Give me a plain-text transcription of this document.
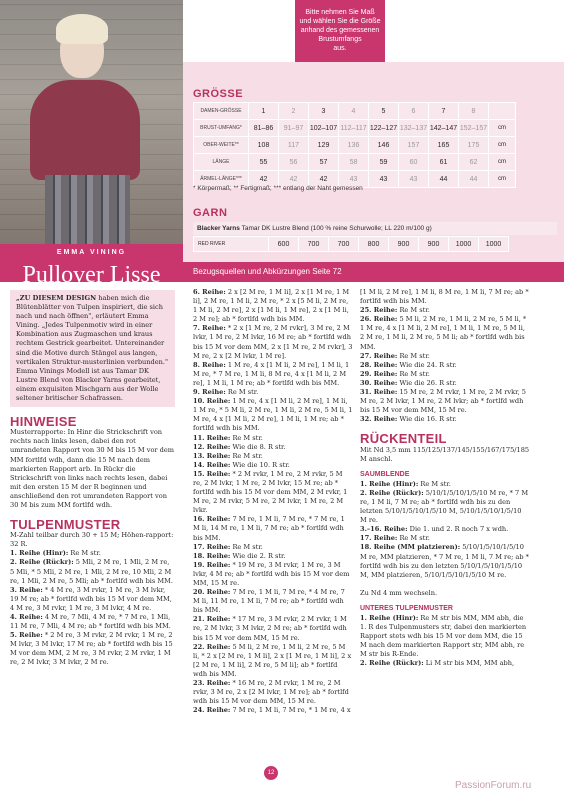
EMMA VINING
Pullover Lisse
Bitte nehmen Sie Maß
und wählen Sie die Größe
anhand des gemessenen
Brustumfangs
aus.
GRÖSSE
DAMEN-GRÖSSE	1	2	3	4	5	6	7	8	
BRUST-UMFANG*	81–86	91–97	102–107	112–117	122–127	132–137	142–147	152–157	cm
OBER-WEITE**	108	117	129	136	146	157	165	175	cm
LÄNGE	55	56	57	58	59	60	61	62	cm
ÄRMEL-LÄNGE***	42	42	42	43	43	43	44	44	cm
* Körpermaß; ** Fertigmaß; *** entlang der Naht gemessen
GARN
Blacker Yarns Tamar DK Lustre Blend (100 % reine Schurwolle; LL 220 m/100 g)
RED RIVER	600	700	700	800	900	900	1000	1000
Bezugsquellen und Abkürzungen Seite 72
„ZU DIESEM DESIGN haben mich die Blütenblätter von Tulpen inspiriert, die sich nach und nach öffnen", erläutert Emma Vining. „Jedes Tulpenmotiv wird in einer Kombination aus Zugmaschen und kraus rechtem Gestrick gearbeitet. Untereinander sind die Motive durch Stängel aus langen, vertikalen Struktur-musterlinien verbunden." Emma Vinings Modell ist aus Tamar DK Lustre Blend von Blacker Yarns gearbeitet, einem exquisiten Mischgarn aus der Wolle seltener britischer Schafrassen.
HINWEISE

Musterrapporte: In Hinr die Strickschrift von rechts nach links lesen, dabei den rot umrandeten Rapport von 30 M bis 15 M vor dem MM fortlfd wdh, dann die 15 M nach dem markierten Rapport arb. In Rückr die Strickschrift von links nach rechts lesen, dabei mit den ersten 15 M der R beginnen und anschließend den rot umrandeten Rapport von 30 M bis zum MM fortlfd wdh.

TULPENMUSTER

M-Zahl teilbar durch 30 + 15 M; Höhen-rapport: 32 R.

1. Reihe (Hinr): Re M str.

2. Reihe (Rückr): 5 Mli, 2 M re, 1 Mli, 2 M re, 5 Mli, * 5 Mli, 2 M re, 1 Mli, 2 M re, 10 Mli, 2 M re, 1 Mli, 2 M re, 5 Mli; ab * fortlfd wdh bis MM.

3. Reihe: * 4 M re, 3 M rvkr, 1 M re, 3 M lvkr, 19 M re; ab * fortlfd wdh bis 15 M vor dem MM, 4 M re, 3 M rvkr, 1 M re, 3 M lvkr, 4 M re.

4. Reihe: 4 M re, 7 Mli, 4 M re, * 7 M re, 1 Mli, 11 M re, 7 Mli, 4 M re; ab * fortlfd wdh bis MM.

5. Reihe: * 2 M re, 3 M rvkr, 2 M rvkr, 1 M re, 2 M lvkr, 3 M lvkr, 17 M re; ab * fortlfd wdh bis 15 M vor dem MM, 2 M re, 3 M rvkr, 2 M rvkr, 1 M re, 2 M lvkr, 3 M lvkr, 2 M re.

6. Reihe: 2 x [2 M re, 1 M li], 2 x [1 M re, 1 M li], 2 M re, 1 M li, 2 M re, * 2 x [5 M li, 2 M re, 1 M li, 2 M re], 2 x [1 M li, 1 M re], 2 x [1 M li, 2 M re]; ab * fortlfd wdh bis MM.

7. Reihe: * 2 x [1 M re, 2 M rvkr], 3 M re, 2 M lvkr, 1 M re, 2 M lvkr, 16 M re; ab * fortlfd wdh bis 15 M vor dem MM, 2 x [1 M re, 2 M rvkr], 3 M re, 2 x [2 M lvkr, 1 M re].

8. Reihe: 1 M re, 4 x [1 M li, 2 M re], 1 M li, 1 M re, * 7 M re, 1 M li, 8 M re, 4 x [1 M li, 2 M re], 1 M li, 1 M re; ab * fortlfd wdh bis MM.

9. Reihe: Re M str.

10. Reihe: 1 M re, 4 x [1 M li, 2 M re], 1 M li, 1 M re, * 5 M li, 2 M re, 1 M li, 2 M re, 5 M li, 1 M re, 4 x [1 M li, 2 M re], 1 M li, 1 M re; ab * fortlfd wdh bis MM.

11. Reihe: Re M str.

12. Reihe: Wie die 8. R str.

13. Reihe: Re M str.

14. Reihe: Wie die 10. R str.

15. Reihe: * 2 M rvkr, 1 M re, 2 M rvkr, 5 M re, 2 M lvkr, 1 M re, 2 M lvkr, 15 M re; ab * fortlfd wdh bis 15 M vor dem MM, 2 M rvkr, 1 M re, 2 M rvkr, 5 M re, 2 M lvkr, 1 M re, 2 M lvkr.

16. Reihe: 7 M re, 1 M li, 7 M re, * 7 M re, 1 M li, 14 M re, 1 M li, 7 M re; ab * fortlfd wdh bis MM.

17. Reihe: Re M str.

18. Reihe: Wie die 2. R str.

19. Reihe: * 19 M re, 3 M rvkr, 1 M re, 3 M lvkr, 4 M re; ab * fortlfd wdh bis 15 M vor dem MM, 15 M re.

20. Reihe: 7 M re, 1 M li, 7 M re, * 4 M re, 7 M li, 11 M re, 1 M li, 7 M re; ab * fortlfd wdh bis MM.

21. Reihe: * 17 M re, 3 M rvkr, 2 M rvkr, 1 M re, 2 M lvkr, 3 M lvkr, 2 M re; ab * fortlfd wdh bis 15 M vor dem MM, 15 M re.

22. Reihe: 5 M li, 2 M re, 1 M li, 2 M re, 5 M li, * 2 x [2 M re, 1 M li], 2 x [1 M re, 1 M li], 2 x [2 M re, 1 M li], 2 M re, 5 M li]; ab * fortlfd wdh bis MM.

23. Reihe: * 16 M re, 2 M rvkr, 1 M re, 2 M rvkr, 3 M re, 2 x [2 M lvkr, 1 M re]; ab * fortlfd wdh bis 15 M vor dem MM, 15 M re.

24. Reihe: 7 M re, 1 M li, 7 M re, * 1 M re, 4 x

[1 M li, 2 M re], 1 M li, 8 M re, 1 M li, 7 M re; ab * fortlfd wdh bis MM.

25. Reihe: Re M str.

26. Reihe: 5 M li, 2 M re, 1 M li, 2 M re, 5 M li, * 1 M re, 4 x [1 M li, 2 M re], 1 M li, 1 M re, 5 M li, 2 M re, 1 M li, 2 M re, 5 M li; ab * fortlfd wdh bis MM.

27. Reihe: Re M str.

28. Reihe: Wie die 24. R str.

29. Reihe: Re M str.

30. Reihe: Wie die 26. R str.

31. Reihe: 15 M re, 2 M rvkr, 1 M re, 2 M rvkr, 5 M re, 2 M lvkr, 1 M re, 2 M lvkr; ab * fortlfd wdh bis 15 M vor dem MM, 15 M re.

32. Reihe: Wie die 16. R str.

RÜCKENTEIL

Mit Nd 3,5 mm 115/125/137/145/155/167/175/185 M anschl.

SAUMBLENDE

1. Reihe (Hinr): Re M str.

2. Reihe (Rückr): 5/10/1/5/10/1/5/10 M re, * 7 M re, 1 M li, 7 M re; ab * fortlfd wdh bis zu den letzten 5/10/1/5/10/1/5/10 M, 5/10/1/5/10/1/5/10 M re.

3.–16. Reihe: Die 1. und 2. R noch 7 x wdh.

17. Reihe: Re M str.

18. Reihe (MM platzieren): 5/10/1/5/10/1/5/10 M re, MM platzieren, * 7 M re, 1 M li, 7 M re; ab * fortlfd wdh bis zu den letzten 5/10/1/5/10/1/5/10 M, MM platzieren, 5/10/1/5/10/1/5/10 M re.

Zu Nd 4 mm wechseln.

UNTERES TULPENMUSTER

1. Reihe (Hinr): Re M str bis MM, MM abh, die 1. R des Tulpenmusters str, dabei den markierten Rapport stets wdh bis 15 M vor dem MM, die 15 M nach dem markierten Rapport str, MM abh, re M str bis R-Ende.

2. Reihe (Rückr): Li M str bis MM, MM abh,

12
PassionForum.ru
